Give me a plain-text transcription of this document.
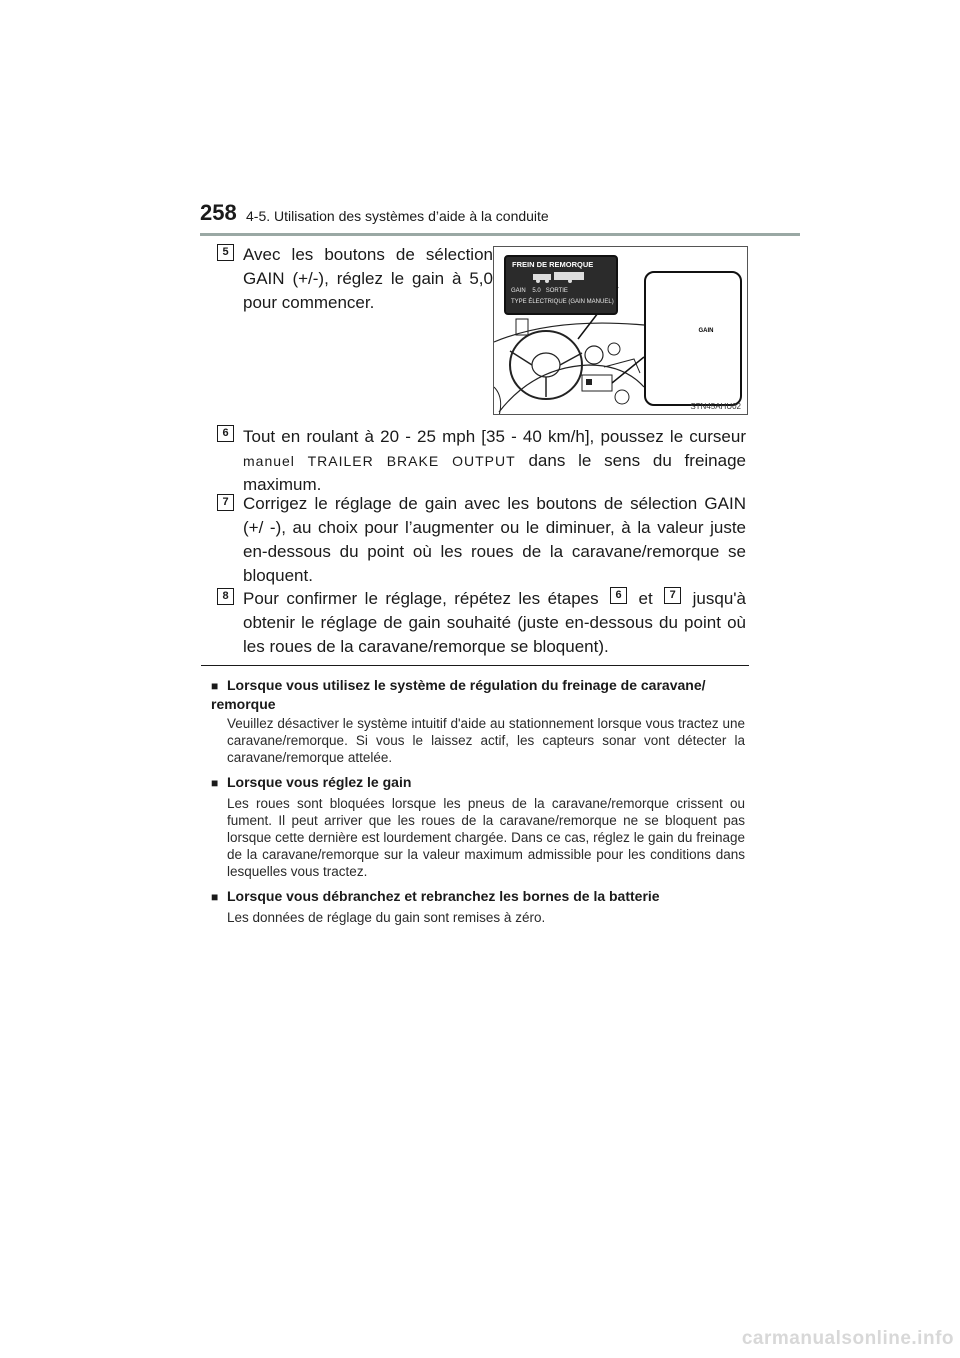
258 4-5. Utilisation des systèmes d’aide à la conduite
5 Avec les boutons de sélection GAIN (+/-), réglez le gain à 5,0 pour commencer.
GAIN
FREIN DE REMORQUE
GAIN 5.0 SORTIE
TYPE ÉLECTRIQUE (GAIN MANUEL)
STN45AHU02
6 Tout en roulant à 20 - 25 mph [35 - 40 km/h], poussez le curseur manuel TRAILER BRAKE OUTPUT dans le sens du freinage maximum.
7 Corrigez le réglage de gain avec les boutons de sélection GAIN (+/ -), au choix pour l’augmenter ou le diminuer, à la valeur juste en-dessous du point où les roues de la caravane/remorque se bloquent.
8 Pour confirmer le réglage, répétez les étapes 6 et 7 jusqu'à obtenir le réglage de gain souhaité (juste en-dessous du point où les roues de la caravane/remorque se bloquent).
■ Lorsque vous utilisez le système de régulation du freinage de caravane/ remorque
Veuillez désactiver le système intuitif d'aide au stationnement lorsque vous tractez une caravane/remorque. Si vous le laissez actif, les capteurs sonar vont détecter la caravane/remorque attelée.
■ Lorsque vous réglez le gain
Les roues sont bloquées lorsque les pneus de la caravane/remorque crissent ou fument. Il peut arriver que les roues de la caravane/remorque ne se bloquent pas lorsque cette dernière est lourdement chargée. Dans ce cas, réglez le gain du freinage de la caravane/remorque sur la valeur maximum admissible pour les conditions dans lesquelles vous tractez.
■ Lorsque vous débranchez et rebranchez les bornes de la batterie
Les données de réglage du gain sont remises à zéro.
carmanualsonline.info
